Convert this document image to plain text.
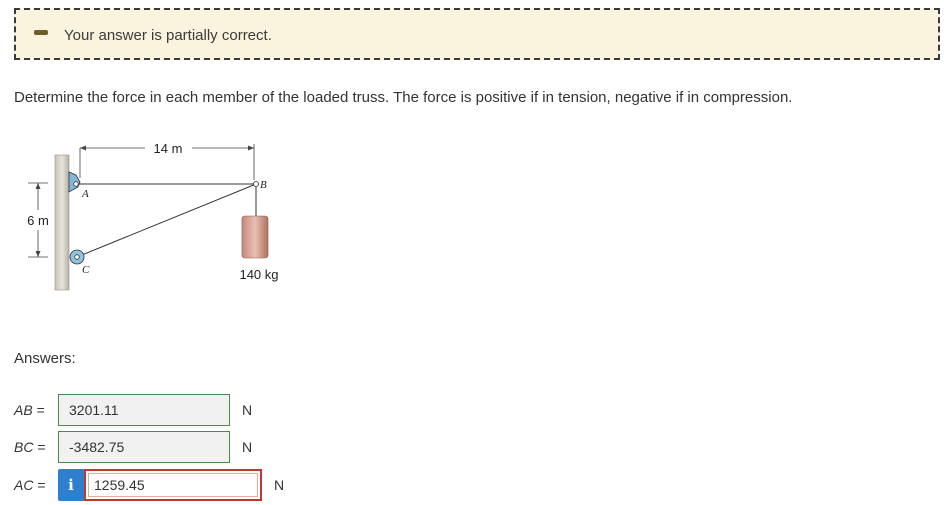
Your answer is partially correct.
Determine the force in each member of the loaded truss. The force is positive if in tension, negative if in compression.
14 m
6 m
A
C
B
140 kg
Answers:
AB =	3201.11	N
BC =	-3482.75	N
AC =	i	1259.45	N
